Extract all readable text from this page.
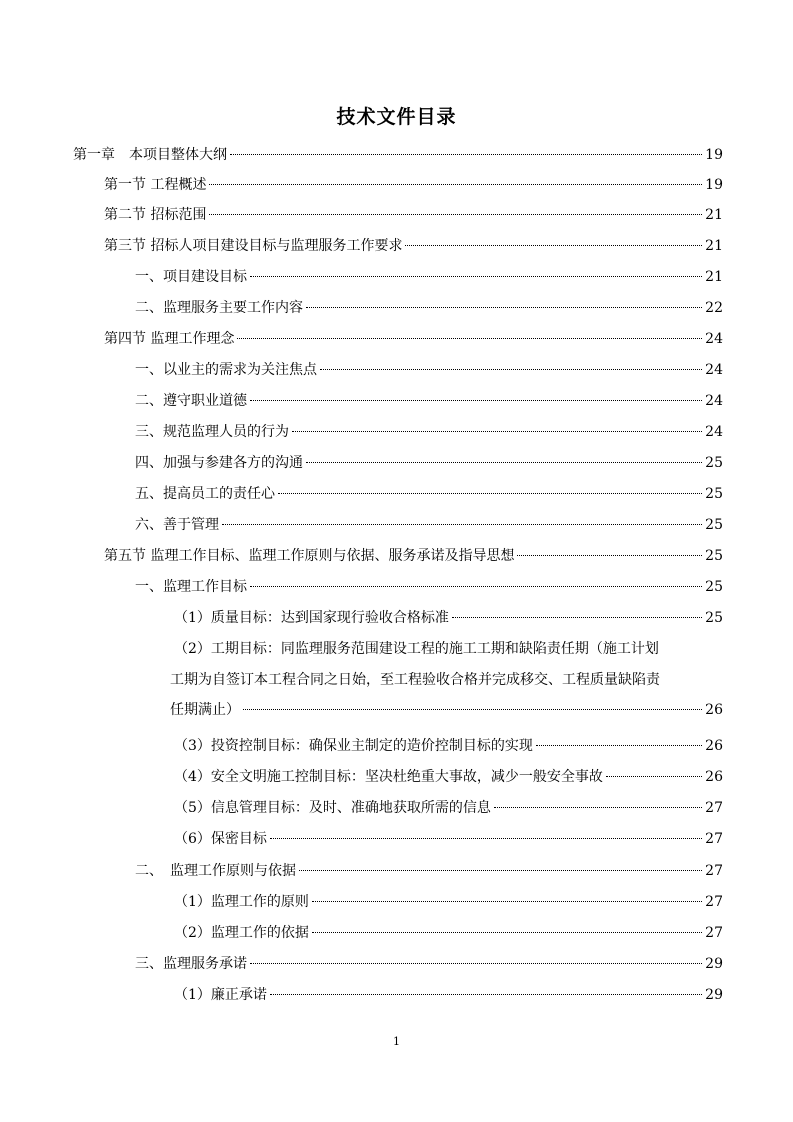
技术文件目录
第一章　本项目整体大纲	19
第一节 工程概述	19
第二节 招标范围	21
第三节 招标人项目建设目标与监理服务工作要求	21
一、项目建设目标	21
二、监理服务主要工作内容	22
第四节 监理工作理念	24
一、以业主的需求为关注焦点	24
二、遵守职业道德	24
三、规范监理人员的行为	24
四、加强与参建各方的沟通	25
五、提高员工的责任心	25
六、善于管理	25
第五节 监理工作目标、监理工作原则与依据、服务承诺及指导思想	25
一、监理工作目标	25
（1）质量目标：达到国家现行验收合格标准	25
（2）工期目标：同监理服务范围建设工程的施工工期和缺陷责任期（施工计划
工期为自签订本工程合同之日始，至工程验收合格并完成移交、工程质量缺陷责
任期满止）	26
（3）投资控制目标：确保业主制定的造价控制目标的实现	26
（4）安全文明施工控制目标：坚决杜绝重大事故，减少一般安全事故	26
（5）信息管理目标：及时、准确地获取所需的信息	27
（6）保密目标	27
二、　监理工作原则与依据	27
（1）监理工作的原则	27
（2）监理工作的依据	27
三、监理服务承诺	29
（1）廉正承诺	29
1
